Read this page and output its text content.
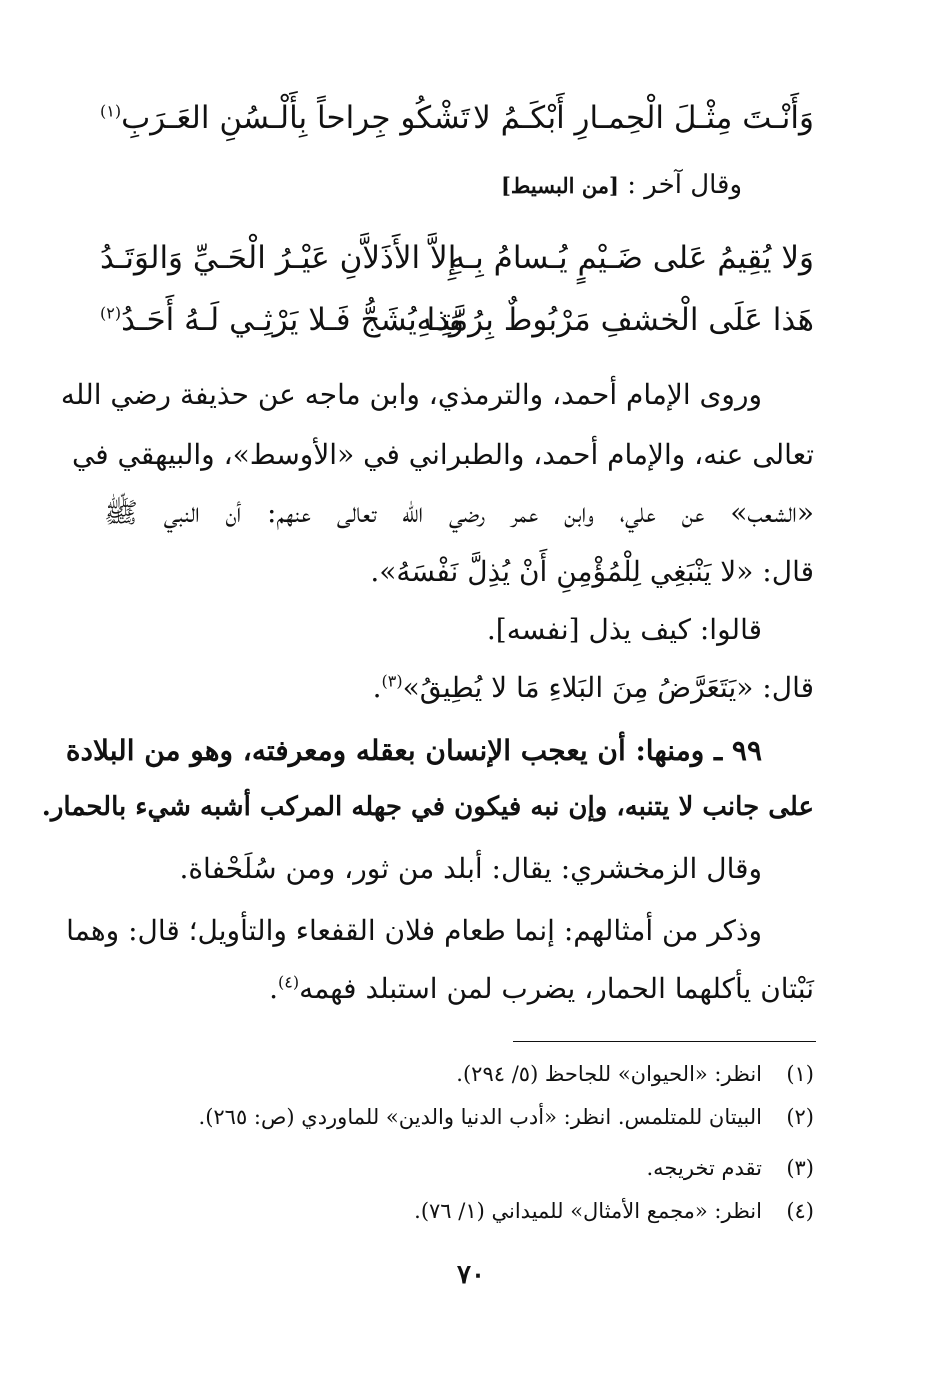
وَأَنْـتَ مِثْـلَ الْحِمـارِ أَبْكَـمُ لا
تَشْكُو جِراحاً بِأَلْـسُنِ العَـرَبِ$^{(١)}$
وقال آخر : [من البسيط]
وَلا يُقِيمُ عَلى ضَـيْمٍ يُـسامُ بِـهِ
إِلاَّ الأَذَلاَّنِ عَيْـرُ الْحَـيِّ وَالوَتَـدُ
هَذا عَلَى الْخشفِ مَرْبُوطٌ بِرُمَّتِـهِ
وَذا يُشَجُّ فَـلا يَرْثِـي لَـهُ أَحَـدُ$^{(٢)}$
وروى الإمام أحمد، والترمذي، وابن ماجه عن حذيفة رضي الله
تعالى عنه، والإمام أحمد، والطبراني في «الأوسط»، والبيهقي في
«الشعب» عن علي، وابن عمر رضي الله تعالى عنهم: أن النبي ﷺ
قال: «لا يَنْبَغِي لِلْمُؤْمِنِ أَنْ يُذِلَّ نَفْسَهُ».
قالوا: كيف يذل [نفسه].
قال: «يَتَعَرَّضُ مِنَ البَلاءِ مَا لا يُطِيقُ»$^{(٣)}$.
٩٩ ـ ومنها: أن يعجب الإنسان بعقله ومعرفته، وهو من البلادة
على جانب لا يتنبه، وإن نبه فيكون في جهله المركب أشبه شيء بالحمار.
وقال الزمخشري: يقال: أبلد من ثور، ومن سُلَحْفاة.
وذكر من أمثالهم: إنما طعام فلان القفعاء والتأويل؛ قال: وهما
نَبْتان يأكلهما الحمار، يضرب لمن استبلد فهمه$^{(٤)}$.
(١)انظر: «الحيوان» للجاحظ (٥/ ٢٩٤).
(٢)البيتان للمتلمس. انظر: «أدب الدنيا والدين» للماوردي (ص: ٢٦٥).
(٣)تقدم تخريجه.
(٤)انظر: «مجمع الأمثال» للميداني (١/ ٧٦).
٧٠
